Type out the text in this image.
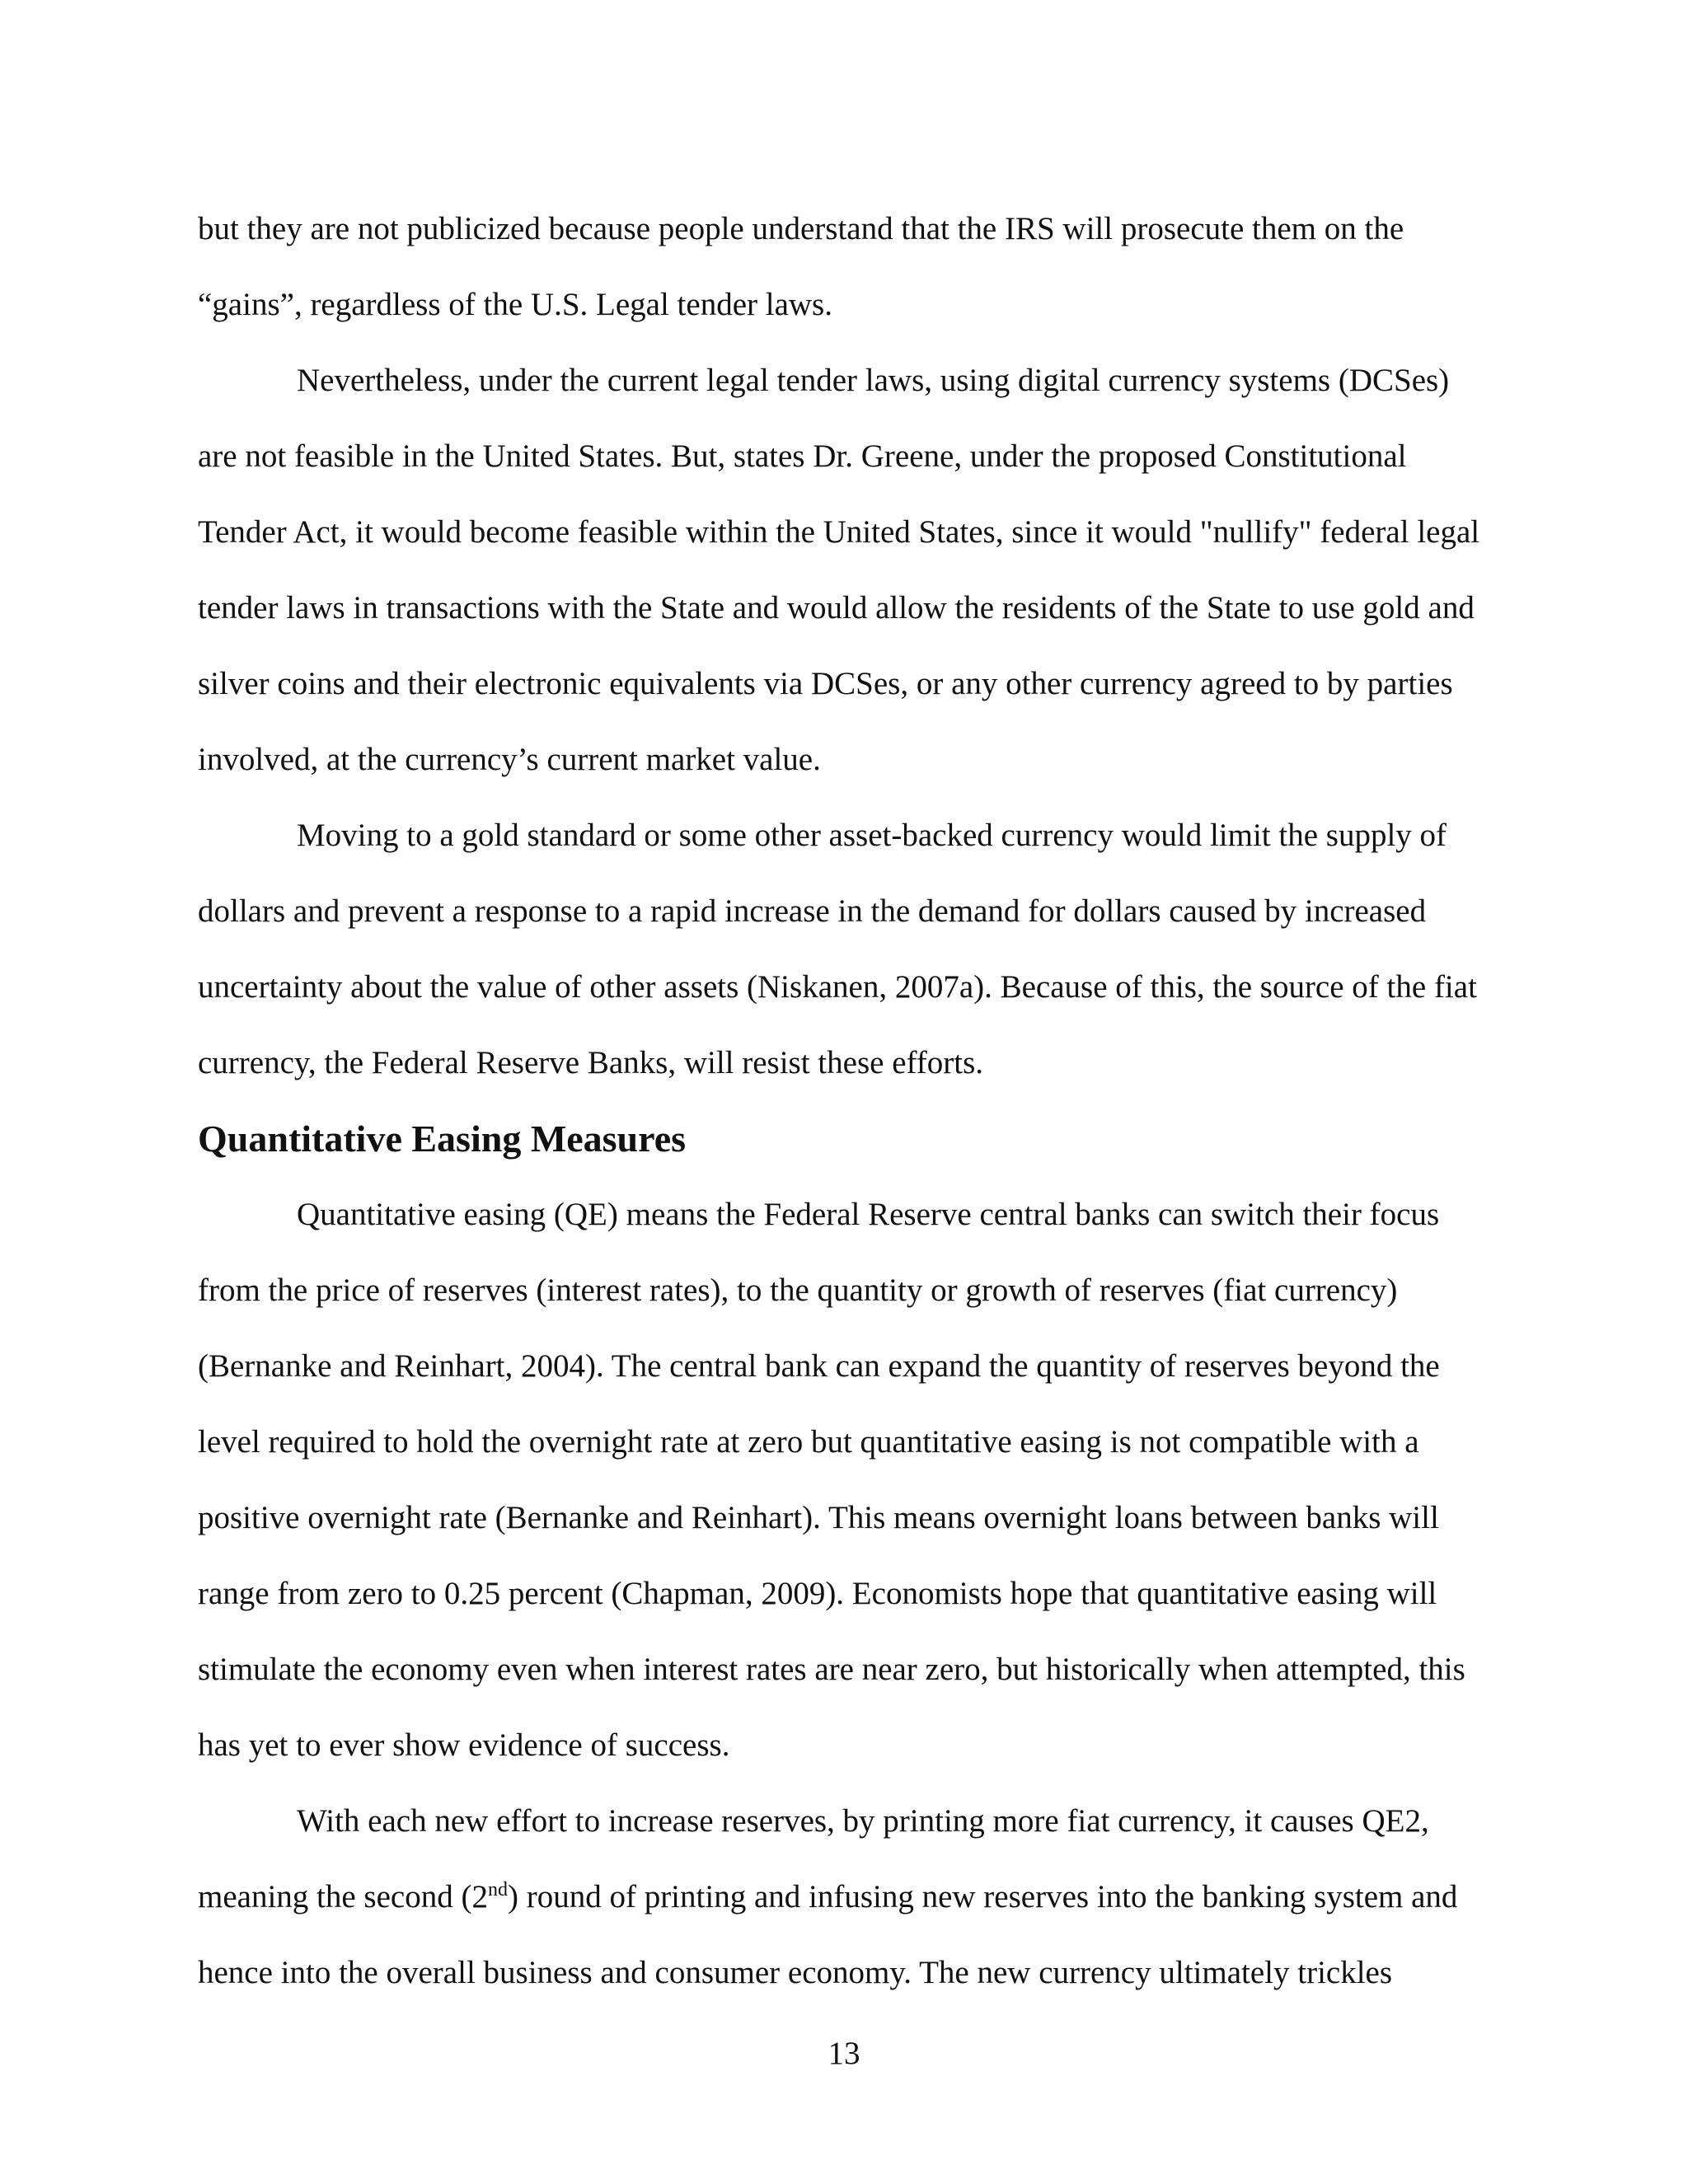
but they are not publicized because people understand that the IRS will prosecute them on the “gains”, regardless of the U.S. Legal tender laws.

Nevertheless, under the current legal tender laws, using digital currency systems (DCSes) are not feasible in the United States. But, states Dr. Greene, under the proposed Constitutional Tender Act, it would become feasible within the United States, since it would "nullify" federal legal tender laws in transactions with the State and would allow the residents of the State to use gold and silver coins and their electronic equivalents via DCSes, or any other currency agreed to by parties involved, at the currency’s current market value.

Moving to a gold standard or some other asset-backed currency would limit the supply of dollars and prevent a response to a rapid increase in the demand for dollars caused by increased uncertainty about the value of other assets (Niskanen, 2007a). Because of this, the source of the fiat currency, the Federal Reserve Banks, will resist these efforts.

Quantitative Easing Measures

Quantitative easing (QE) means the Federal Reserve central banks can switch their focus from the price of reserves (interest rates), to the quantity or growth of reserves (fiat currency) (Bernanke and Reinhart, 2004). The central bank can expand the quantity of reserves beyond the level required to hold the overnight rate at zero but quantitative easing is not compatible with a positive overnight rate (Bernanke and Reinhart). This means overnight loans between banks will range from zero to 0.25 percent (Chapman, 2009). Economists hope that quantitative easing will stimulate the economy even when interest rates are near zero, but historically when attempted, this has yet to ever show evidence of success.

With each new effort to increase reserves, by printing more fiat currency, it causes QE2, meaning the second (2nd) round of printing and infusing new reserves into the banking system and hence into the overall business and consumer economy. The new currency ultimately trickles

13
